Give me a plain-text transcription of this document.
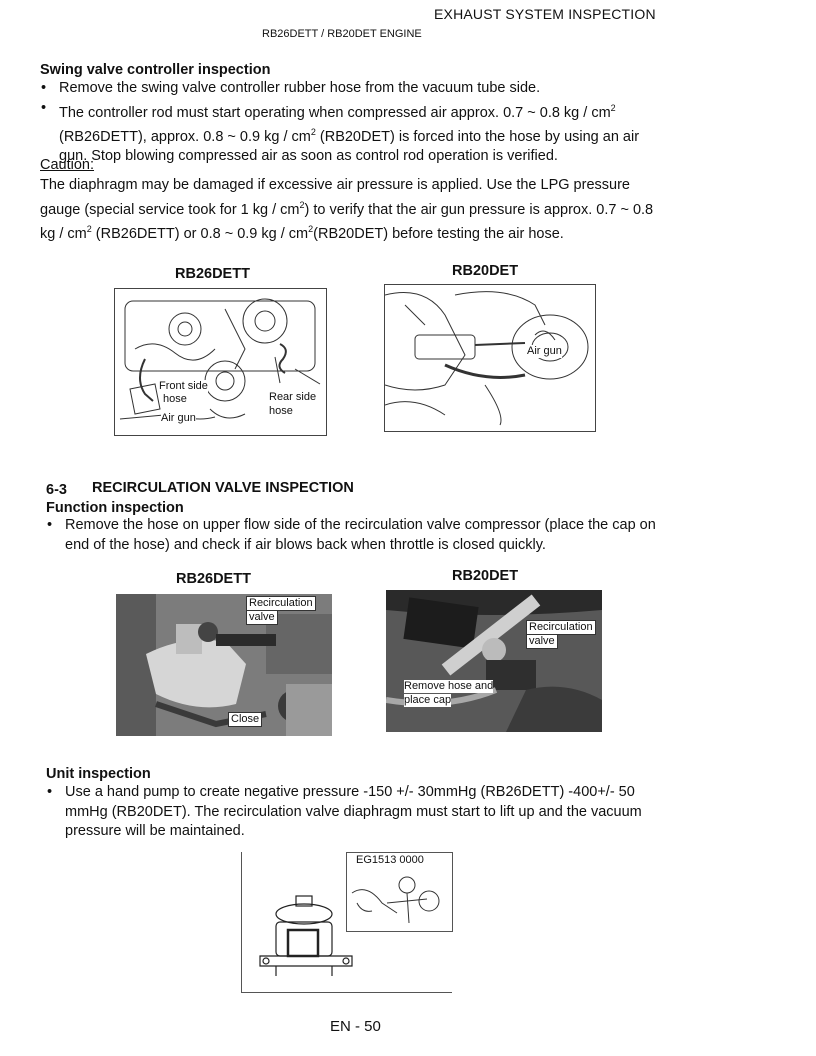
EXHAUST SYSTEM INSPECTION
RB26DETT / RB20DET ENGINE
Swing valve controller inspection
• Remove the swing valve controller rubber hose from the vacuum tube side.
• The controller rod must start operating when compressed air approx. 0.7 ~ 0.8 kg / $cm^2$ (RB26DETT), approx. 0.8 ~ 0.9 kg / $cm^2$ (RB20DET) is forced into the hose by using an air gun. Stop blowing compressed air as soon as control rod operation is verified.
Caution:
The diaphragm may be damaged if excessive air pressure is applied. Use the LPG pressure gauge (special service took for 1 kg / $cm^2$) to verify that the air gun pressure is approx. 0.7 ~ 0.8 kg / $cm^2$ (RB26DETT) or 0.8 ~ 0.9 kg / $cm^2(RB20DET)$ before testing the air hose.
RB26DETT	RB20DET
Front side
hose
Air gun
Rear side
hose
Air gun
6-3 RECIRCULATION VALVE INSPECTION
Function inspection
• Remove the hose on upper flow side of the recirculation valve compressor (place the cap on end of the hose) and check if air blows back when throttle is closed quickly.
RB26DETT	RB20DET
Recirculation
valve
Close
Recirculation
valve
Remove hose and
place cap
Unit inspection
• Use a hand pump to create negative pressure -150 +/- 30mmHg (RB26DETT) -400+/- 50 mmHg (RB20DET). The recirculation valve diaphragm must start to lift up and the vacuum pressure will be maintained.
EG1513 0000
EN - 50
